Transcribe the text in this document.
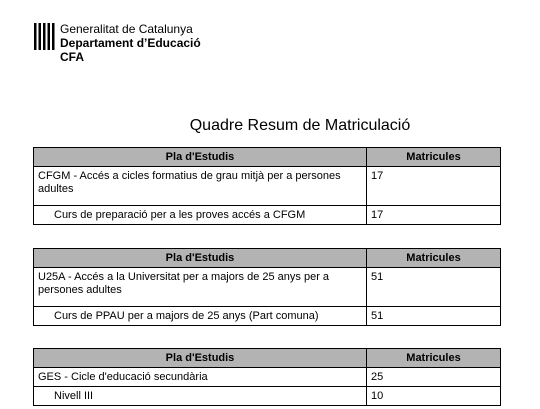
Generalitat de Catalunya
Departament d’Educació
CFA
Quadre Resum de Matriculació
Pla d'Estudis	Matricules
CFGM - Accés a cicles formatius de grau mitjà per a persones adultes	17
Curs de preparació per a les proves accés a CFGM	17
Pla d'Estudis	Matricules
U25A - Accés a la Universitat per a majors de 25 anys per a persones adultes	51
Curs de PPAU per a majors de 25 anys (Part comuna)	51
Pla d'Estudis	Matricules
GES - Cicle d'educació secundària	25
Nivell III	10
